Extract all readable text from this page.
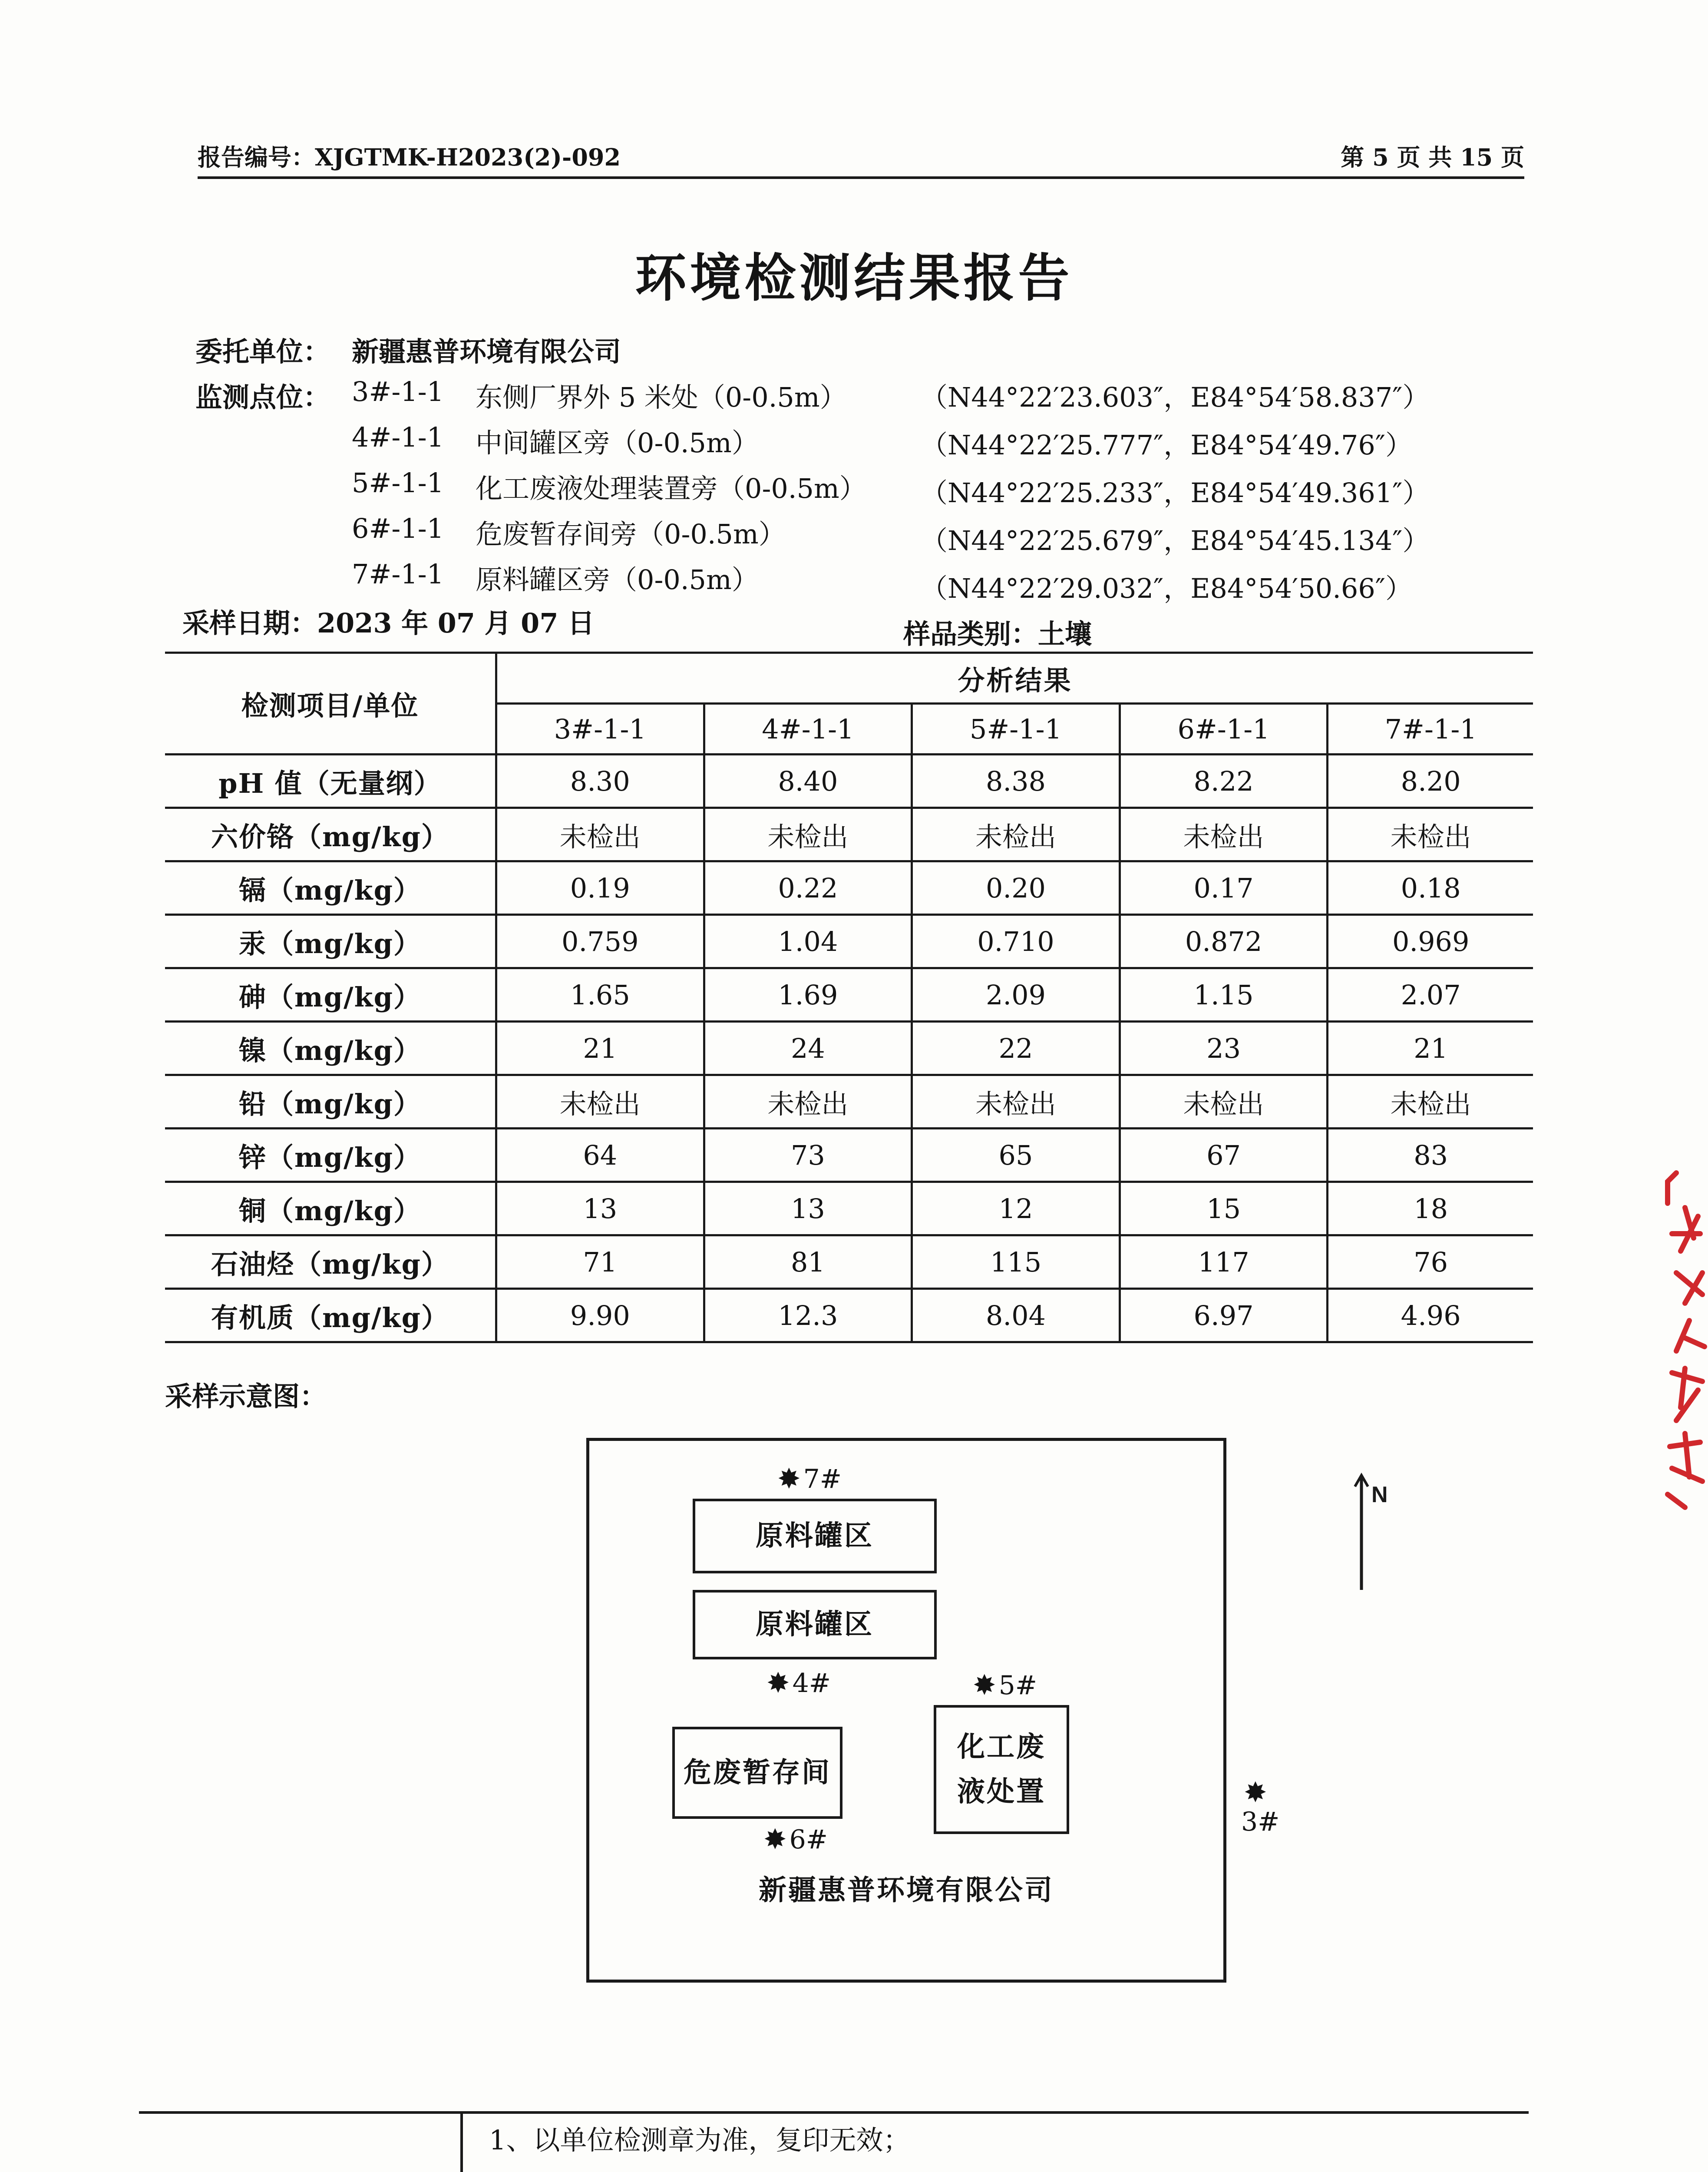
报告编号：XJGTMK-H2023(2)-092	第 5 页 共 15 页
环境检测结果报告
委托单位： 新疆惠普环境有限公司
监测点位： 3#-1-1 东侧厂界外 5 米处（0-0.5m）	（N44°22′23.603″，E84°54′58.837″）
4#-1-1 中间罐区旁（0-0.5m）	（N44°22′25.777″，E84°54′49.76″）
5#-1-1 化工废液处理装置旁（0-0.5m） （N44°22′25.233″，E84°54′49.361″）
6#-1-1 危废暂存间旁（0-0.5m）	（N44°22′25.679″，E84°54′45.134″）
7#-1-1 原料罐区旁（0-0.5m）	（N44°22′29.032″，E84°54′50.66″）
采样日期：2023 年 07 月 07 日	样品类别：土壤
检测项目/单位	分析结果				
	3#-1-1	4#-1-1	5#-1-1	6#-1-1	7#-1-1
pH 值（无量纲）	8.30	8.40	8.38	8.22	8.20
六价铬（mg/kg）	未检出	未检出	未检出	未检出	未检出
镉（mg/kg）	0.19	0.22	0.20	0.17	0.18
汞（mg/kg）	0.759	1.04	0.710	0.872	0.969
砷（mg/kg）	1.65	1.69	2.09	1.15	2.07
镍（mg/kg）	21	24	22	23	21
铅（mg/kg）	未检出	未检出	未检出	未检出	未检出
锌（mg/kg）	64	73	65	67	83
铜（mg/kg）	13	13	12	15	18
石油烃（mg/kg）	71	81	115	117	76
有机质（mg/kg）	9.90	12.3	8.04	6.97	4.96
采样示意图：
原料罐区
原料罐区
危废暂存间
化工废
液处置
✸ 7#
✸ 4#	✸ 5#
✸ 6#
✸
3#
新疆惠普环境有限公司
N

1、以单位检测章为准，复印无效；
